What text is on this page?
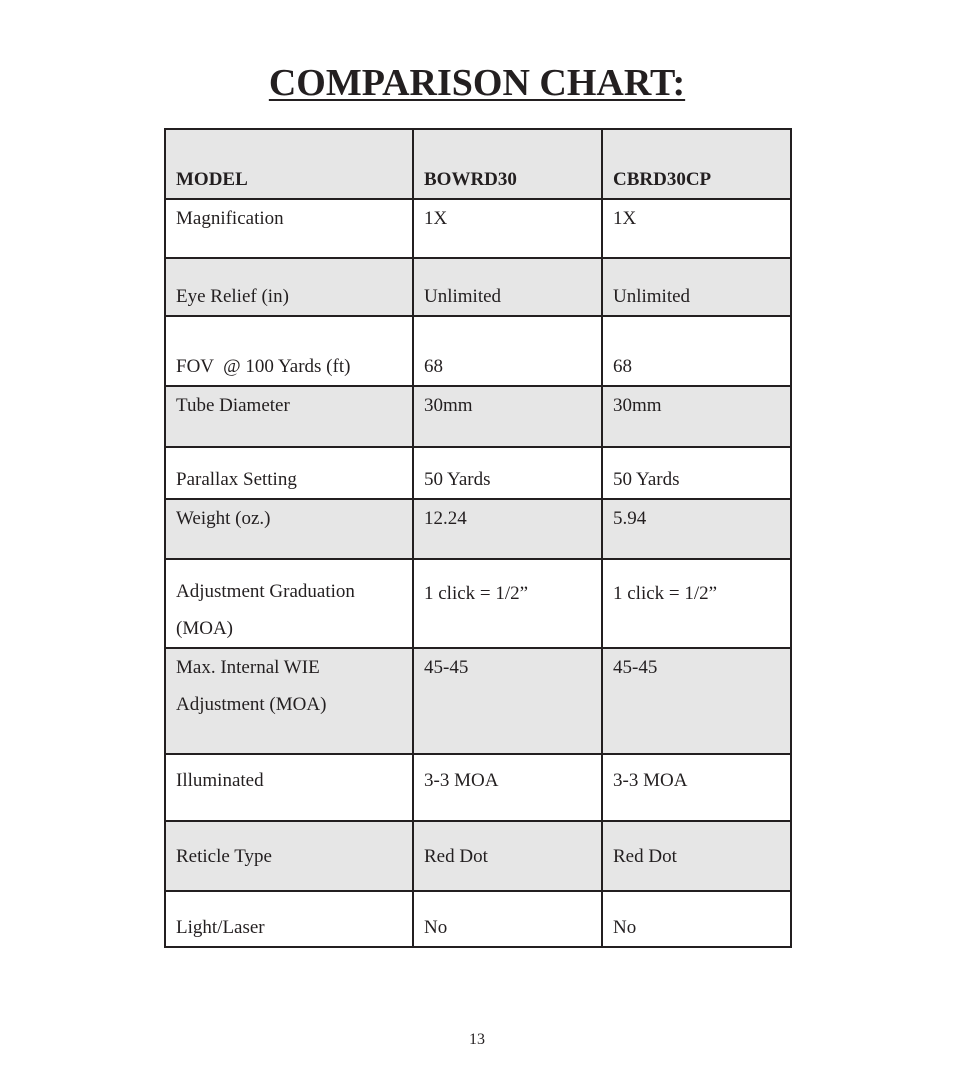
COMPARISON CHART:
MODEL	BOWRD30	CBRD30CP
Magnification	1X	1X
Eye Relief (in)	Unlimited	Unlimited
FOV  @ 100 Yards (ft)	68	68
Tube Diameter	30mm	30mm
Parallax Setting	50 Yards	50 Yards
Weight (oz.)	12.24	5.94

Adjustment Graduation
(MOA)	1 click = 1/2”	1 click = 1/2”

Max. Internal WIE
Adjustment (MOA)	45-45	45-45
Illuminated	3-3 MOA	3-3 MOA
Reticle Type	Red Dot	Red Dot
Light/Laser	No	No
13
